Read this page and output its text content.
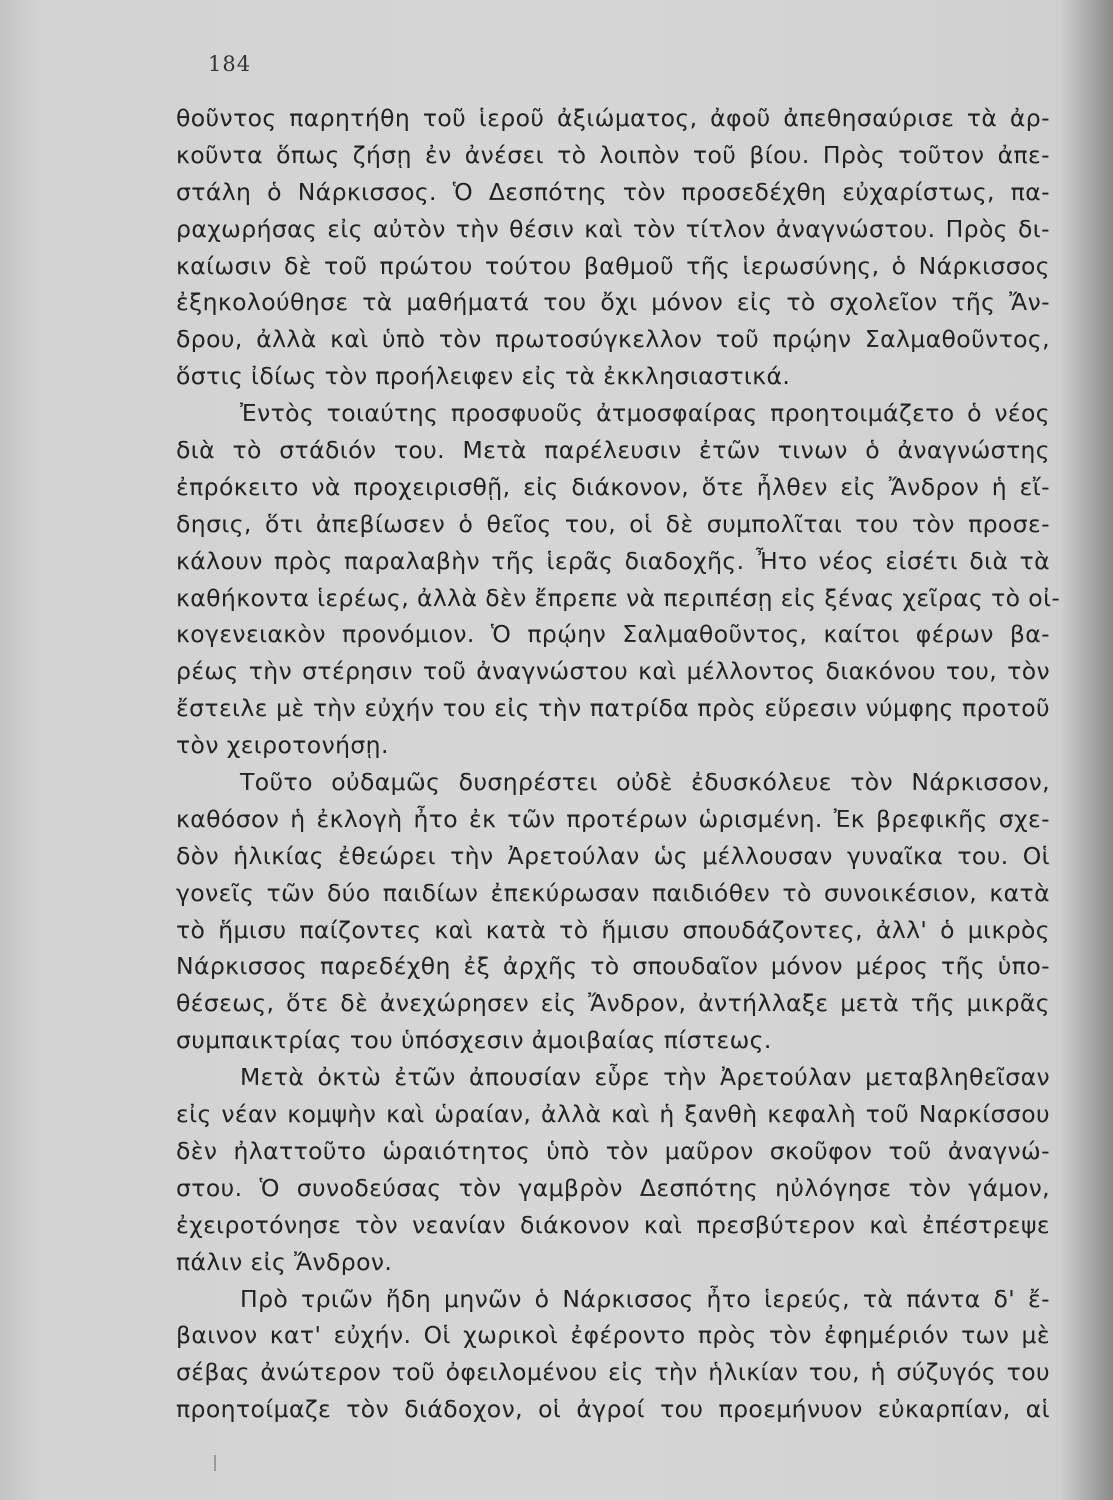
184
θοῦντος παρητήθη τοῦ ἱεροῦ ἀξιώματος, ἀφοῦ ἀπεθησαύρισε τὰ ἀρ-
κοῦντα ὅπως ζήσῃ ἐν ἀνέσει τὸ λοιπὸν τοῦ βίου. Πρὸς τοῦτον ἀπε-
στάλη ὁ Νάρκισσος. Ὁ Δεσπότης τὸν προσεδέχθη εὐχαρίστως, πα-
ραχωρήσας εἰς αὐτὸν τὴν θέσιν καὶ τὸν τίτλον ἀναγνώστου. Πρὸς δι-
καίωσιν δὲ τοῦ πρώτου τούτου βαθμοῦ τῆς ἱερωσύνης, ὁ Νάρκισσος
ἐξηκολούθησε τὰ μαθήματά του ὄχι μόνον εἰς τὸ σχολεῖον τῆς Ἄν-
δρου, ἀλλὰ καὶ ὑπὸ τὸν πρωτοσύγκελλον τοῦ πρῴην Σαλμαθοῦντος,
ὅστις ἰδίως τὸν προήλειφεν εἰς τὰ ἐκκλησιαστικά.
Ἐντὸς τοιαύτης προσφυοῦς ἀτμοσφαίρας προητοιμάζετο ὁ νέος
διὰ τὸ στάδιόν του. Μετὰ παρέλευσιν ἐτῶν τινων ὁ ἀναγνώστης
ἐπρόκειτο νὰ προχειρισθῇ, εἰς διάκονον, ὅτε ἦλθεν εἰς Ἄνδρον ἡ εἴ-
δησις, ὅτι ἀπεβίωσεν ὁ θεῖος του, οἱ δὲ συμπολῖται του τὸν προσε-
κάλουν πρὸς παραλαβὴν τῆς ἱερᾶς διαδοχῆς. Ἦτο νέος εἰσέτι διὰ τὰ
καθήκοντα ἱερέως, ἀλλὰ δὲν ἔπρεπε νὰ περιπέσῃ εἰς ξένας χεῖρας τὸ οἰ-
κογενειακὸν προνόμιον. Ὁ πρῴην Σαλμαθοῦντος, καίτοι φέρων βα-
ρέως τὴν στέρησιν τοῦ ἀναγνώστου καὶ μέλλοντος διακόνου του, τὸν
ἔστειλε μὲ τὴν εὐχήν του εἰς τὴν πατρίδα πρὸς εὕρεσιν νύμφης προτοῦ
τὸν χειροτονήσῃ.
Τοῦτο οὐδαμῶς δυσηρέστει οὐδὲ ἐδυσκόλευε τὸν Νάρκισσον,
καθόσον ἡ ἐκλογὴ ἦτο ἐκ τῶν προτέρων ὡρισμένη. Ἐκ βρεφικῆς σχε-
δὸν ἡλικίας ἐθεώρει τὴν Ἀρετούλαν ὡς μέλλουσαν γυναῖκα του. Οἱ
γονεῖς τῶν δύο παιδίων ἐπεκύρωσαν παιδιόθεν τὸ συνοικέσιον, κατὰ
τὸ ἥμισυ παίζοντες καὶ κατὰ τὸ ἥμισυ σπουδάζοντες, ἀλλ' ὁ μικρὸς
Νάρκισσος παρεδέχθη ἐξ ἀρχῆς τὸ σπουδαῖον μόνον μέρος τῆς ὑπο-
θέσεως, ὅτε δὲ ἀνεχώρησεν εἰς Ἄνδρον, ἀντήλλαξε μετὰ τῆς μικρᾶς
συμπαικτρίας του ὑπόσχεσιν ἀμοιβαίας πίστεως.
Μετὰ ὀκτὼ ἐτῶν ἀπουσίαν εὗρε τὴν Ἀρετούλαν μεταβληθεῖσαν
εἰς νέαν κομψὴν καὶ ὡραίαν, ἀλλὰ καὶ ἡ ξανθὴ κεφαλὴ τοῦ Ναρκίσσου
δὲν ἠλαττοῦτο ὡραιότητος ὑπὸ τὸν μαῦρον σκοῦφον τοῦ ἀναγνώ-
στου. Ὁ συνοδεύσας τὸν γαμβρὸν Δεσπότης ηὐλόγησε τὸν γάμον,
ἐχειροτόνησε τὸν νεανίαν διάκονον καὶ πρεσβύτερον καὶ ἐπέστρεψε
πάλιν εἰς Ἄνδρον.
Πρὸ τριῶν ἤδη μηνῶν ὁ Νάρκισσος ἦτο ἱερεύς, τὰ πάντα δ' ἔ-
βαινον κατ' εὐχήν. Οἱ χωρικοὶ ἐφέροντο πρὸς τὸν ἐφημέριόν των μὲ
σέβας ἀνώτερον τοῦ ὀφειλομένου εἰς τὴν ἡλικίαν του, ἡ σύζυγός του
προητοίμαζε τὸν διάδοχον, οἱ ἀγροί του προεμήνυον εὐκαρπίαν, αἱ
